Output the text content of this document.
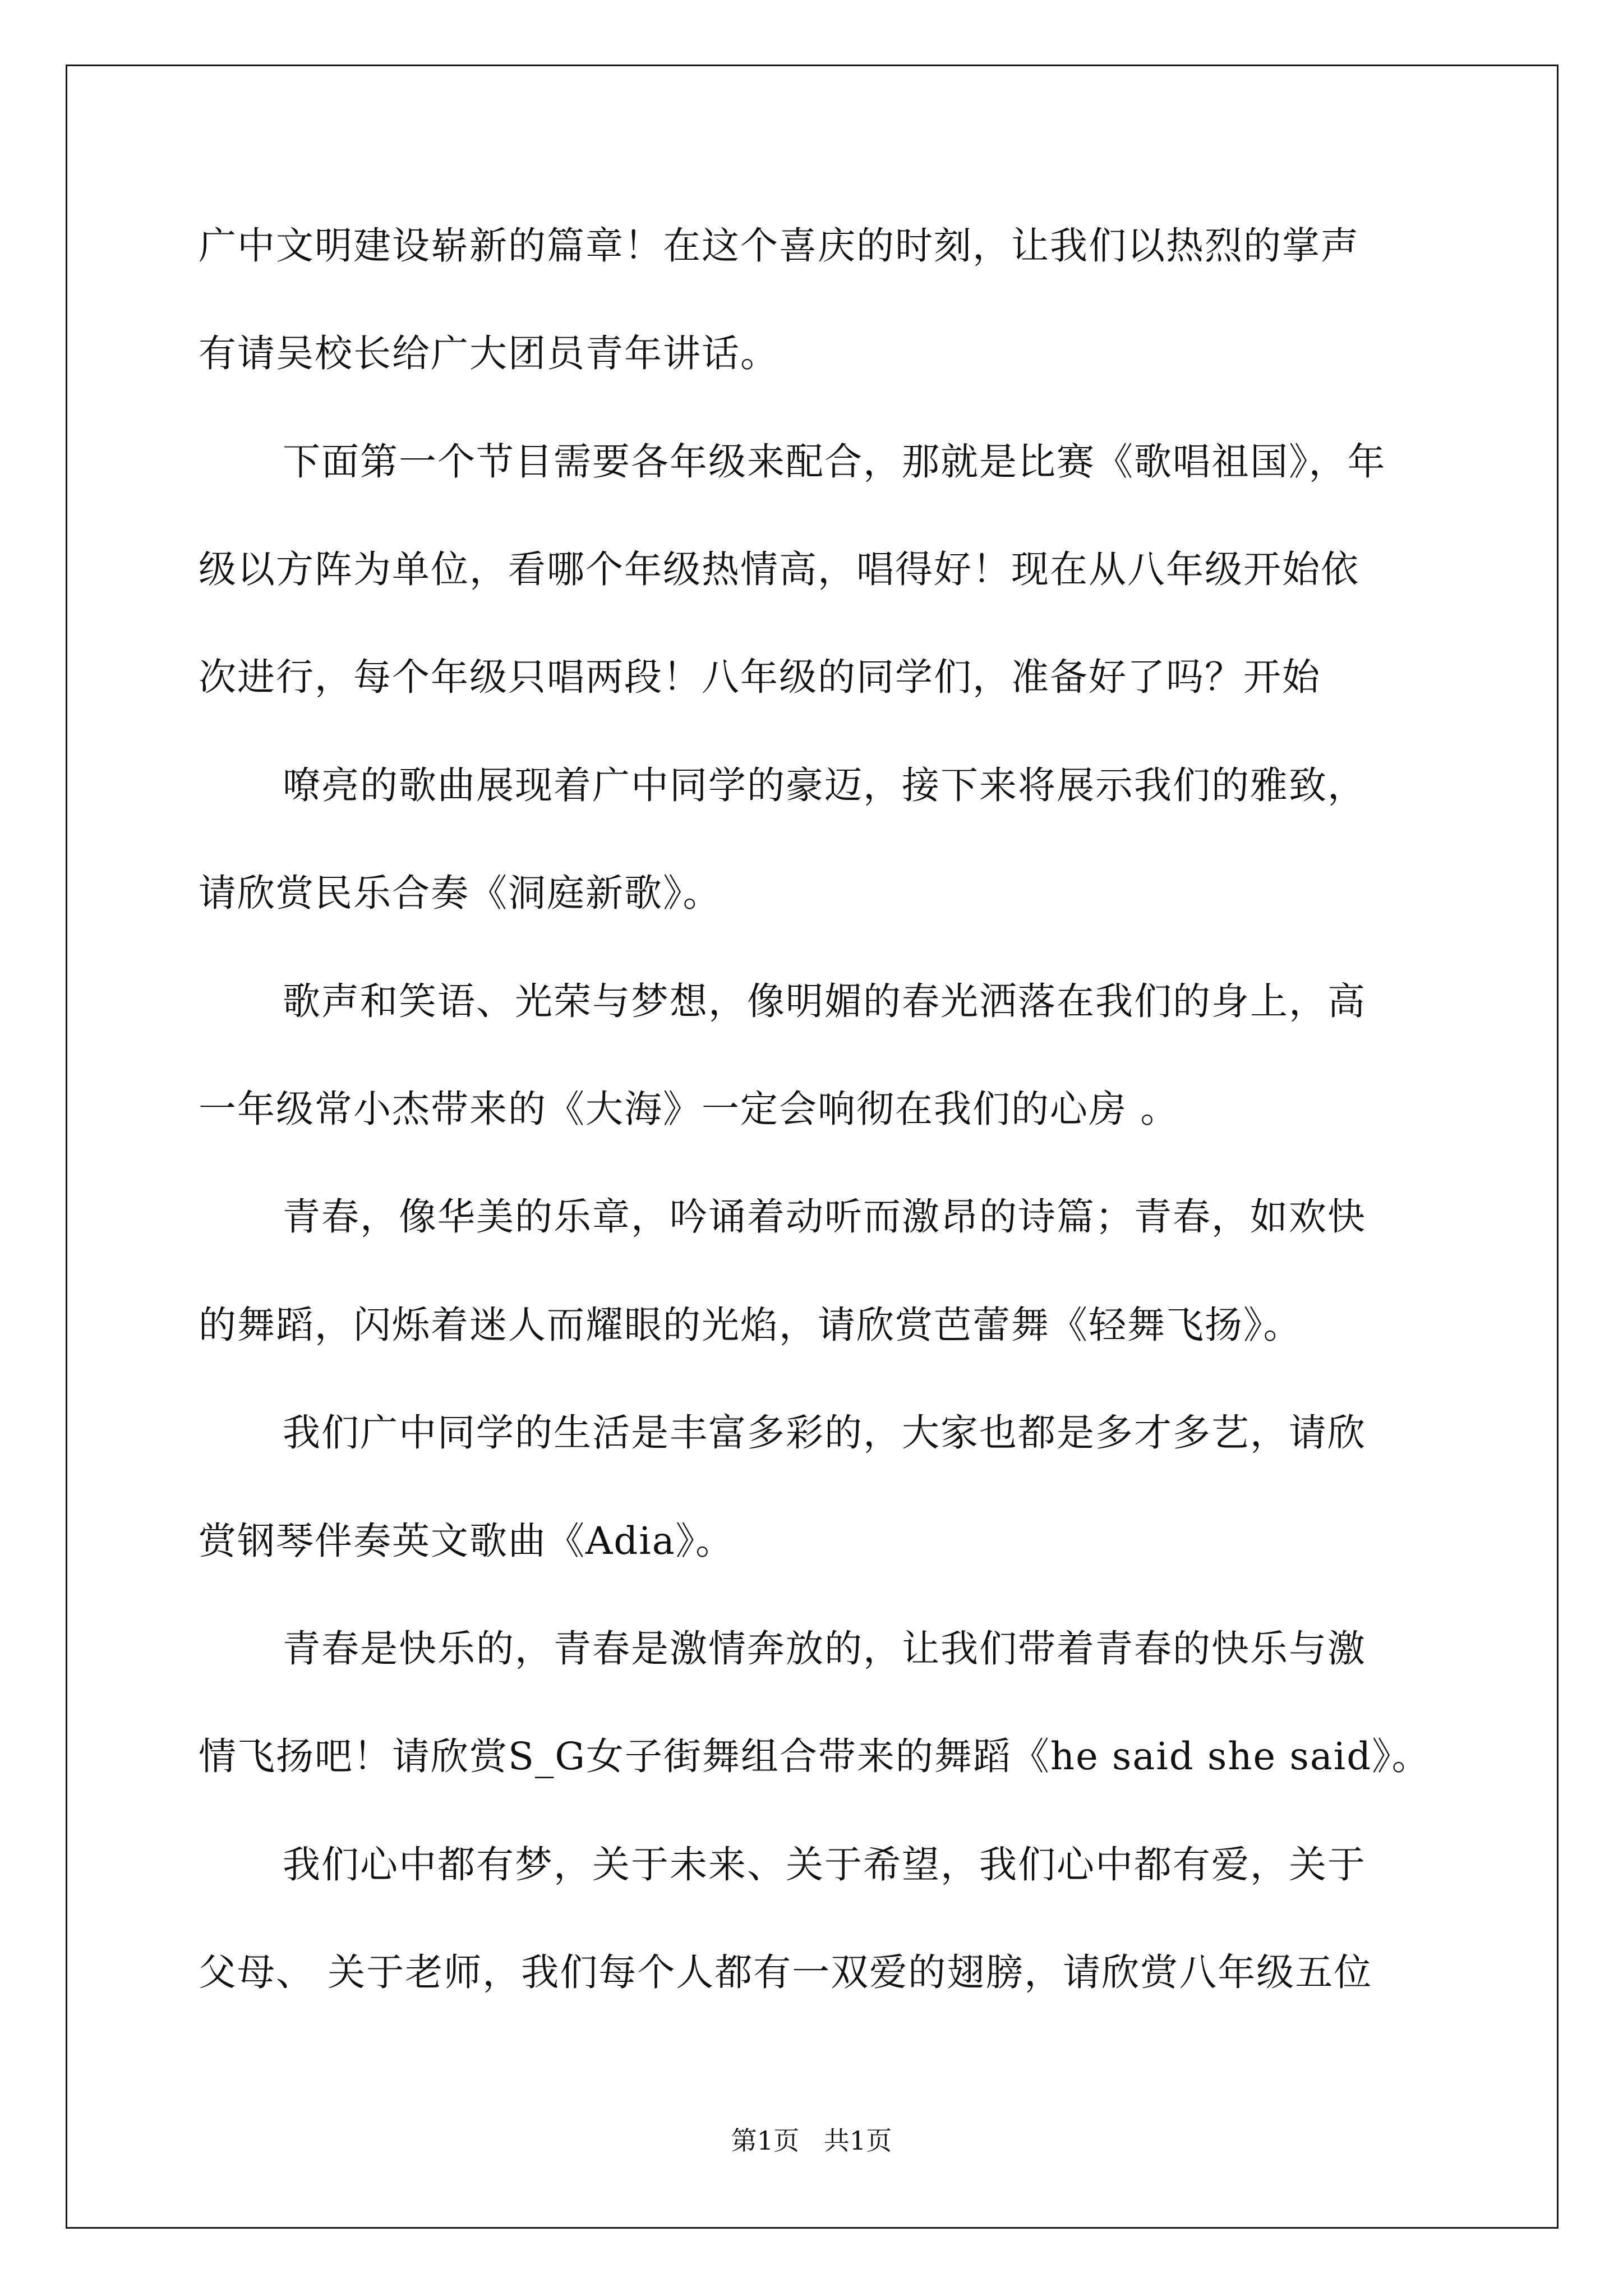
广中文明建设崭新的篇章！在这个喜庆的时刻，让我们以热烈的掌声

有请吴校长给广大团员青年讲话。

下面第一个节目需要各年级来配合，那就是比赛《歌唱祖国》，年

级以方阵为单位，看哪个年级热情高，唱得好！现在从八年级开始依

次进行，每个年级只唱两段！八年级的同学们，准备好了吗？开始

嘹亮的歌曲展现着广中同学的豪迈，接下来将展示我们的雅致，

请欣赏民乐合奏《洞庭新歌》。

歌声和笑语、光荣与梦想，像明媚的春光洒落在我们的身上，高

一年级常小杰带来的《大海》一定会响彻在我们的心房 。

青春，像华美的乐章，吟诵着动听而激昂的诗篇；青春，如欢快

的舞蹈，闪烁着迷人而耀眼的光焰，请欣赏芭蕾舞《轻舞飞扬》。

我们广中同学的生活是丰富多彩的，大家也都是多才多艺，请欣

赏钢琴伴奏英文歌曲《Adia》。

青春是快乐的，青春是激情奔放的，让我们带着青春的快乐与激

情飞扬吧！请欣赏S_G女子街舞组合带来的舞蹈《he said she said》。

我们心中都有梦，关于未来、关于希望，我们心中都有爱，关于

父母、 关于老师，我们每个人都有一双爱的翅膀，请欣赏八年级五位

第1页   共1页
